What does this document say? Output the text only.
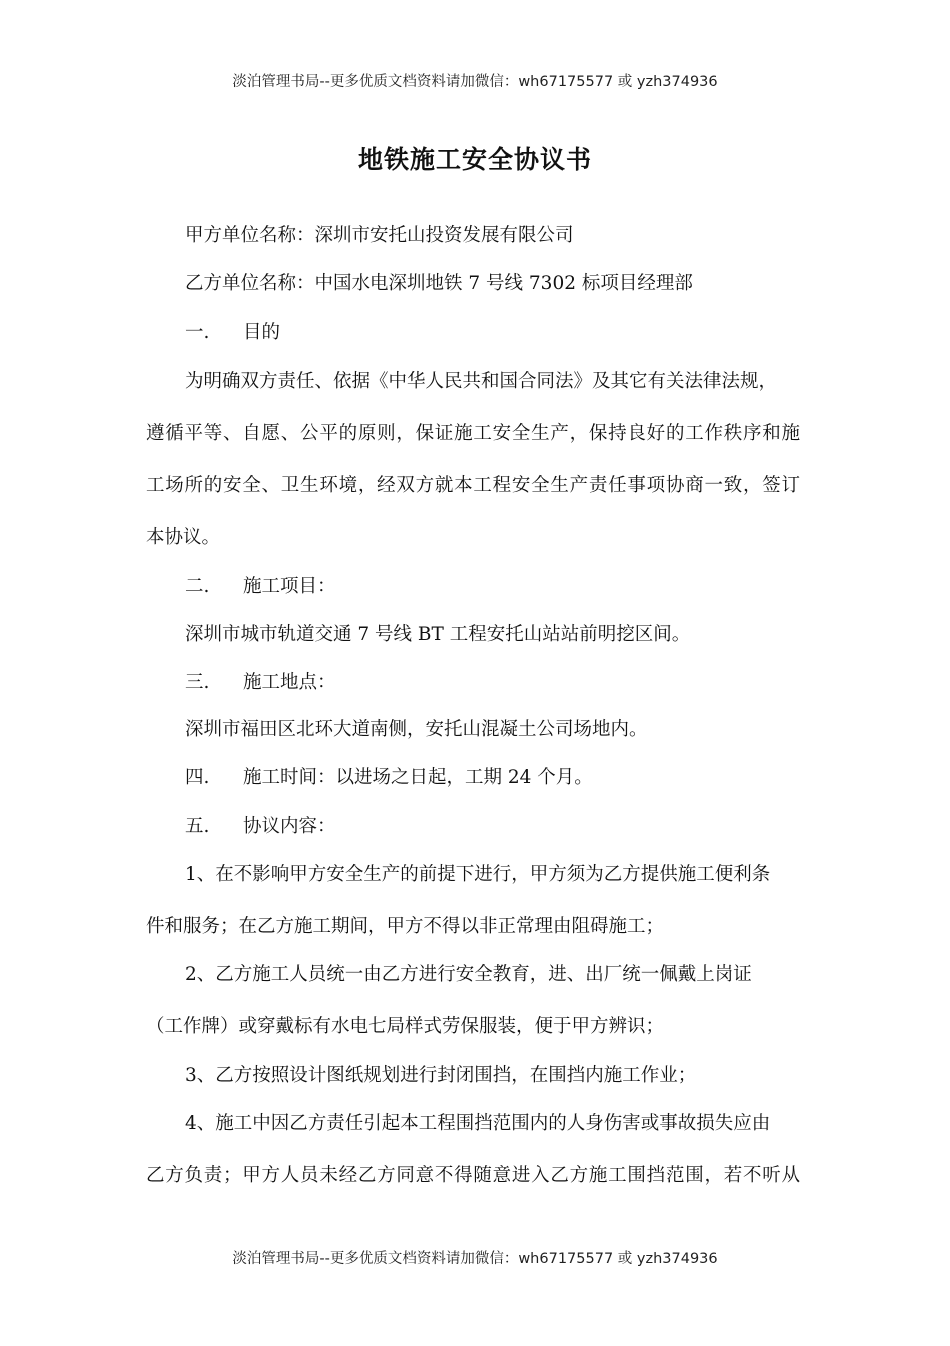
淡泊管理书局--更多优质文档资料请加微信：wh67175577 或 yzh374936
地铁施工安全协议书
甲方单位名称：深圳市安托山投资发展有限公司
乙方单位名称：中国水电深圳地铁 7 号线 7302 标项目经理部
一. 目的
为明确双方责任、依据《中华人民共和国合同法》及其它有关法律法规，
遵循平等、自愿、公平的原则，保证施工安全生产，保持良好的工作秩序和施
工场所的安全、卫生环境，经双方就本工程安全生产责任事项协商一致，签订
本协议。
二. 施工项目：
深圳市城市轨道交通 7 号线 BT 工程安托山站站前明挖区间。
三. 施工地点：
深圳市福田区北环大道南侧，安托山混凝土公司场地内。
四. 施工时间：以进场之日起，工期 24 个月。
五. 协议内容：
1、在不影响甲方安全生产的前提下进行，甲方须为乙方提供施工便利条
件和服务；在乙方施工期间，甲方不得以非正常理由阻碍施工；
2、乙方施工人员统一由乙方进行安全教育，进、出厂统一佩戴上岗证
（工作牌）或穿戴标有水电七局样式劳保服装，便于甲方辨识；
3、乙方按照设计图纸规划进行封闭围挡，在围挡内施工作业；
4、施工中因乙方责任引起本工程围挡范围内的人身伤害或事故损失应由
乙方负责；甲方人员未经乙方同意不得随意进入乙方施工围挡范围，若不听从
淡泊管理书局--更多优质文档资料请加微信：wh67175577 或 yzh374936
